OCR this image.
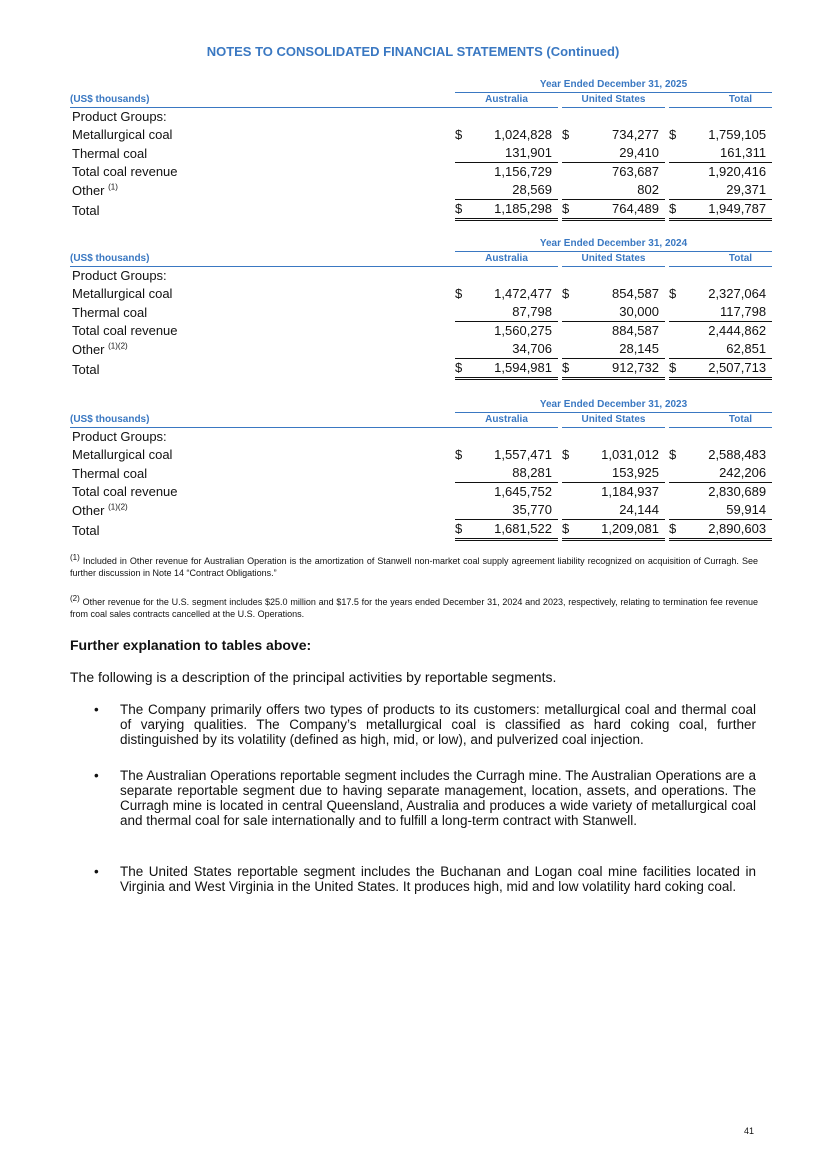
NOTES TO CONSOLIDATED FINANCIAL STATEMENTS (Continued)
	Year Ended December 31, 2025							
(US$ thousands)	Australia			United States			Total	
Product Groups:								
Metallurgical coal	$	1,024,828		$	734,277		$	1,759,105
Thermal coal		131,901			29,410			161,311
Total coal revenue		1,156,729			763,687			1,920,416
Other $^{(1)}$		28,569			802			29,371
Total	$	1,185,298		$	764,489		$	1,949,787
	Year Ended December 31, 2024							
(US$ thousands)	Australia			United States			Total	
Product Groups:								
Metallurgical coal	$	1,472,477		$	854,587		$	2,327,064
Thermal coal		87,798			30,000			117,798
Total coal revenue		1,560,275			884,587			2,444,862
Other $^{(1)(2)}$		34,706			28,145			62,851
Total	$	1,594,981		$	912,732		$	2,507,713
	Year Ended December 31, 2023							
(US$ thousands)	Australia			United States			Total	
Product Groups:								
Metallurgical coal	$	1,557,471		$	1,031,012		$	2,588,483
Thermal coal		88,281			153,925			242,206
Total coal revenue		1,645,752			1,184,937			2,830,689
Other $^{(1)(2)}$		35,770			24,144			59,914
Total	$	1,681,522		$	1,209,081		$	2,890,603
$^{(1)}$ Included in Other revenue for Australian Operation is the amortization of Stanwell non-market coal supply agreement liability recognized on acquisition of Curragh. See further discussion in Note 14 “Contract Obligations.”
$^{(2)}$ Other revenue for the U.S. segment includes $25.0 million and $17.5 for the years ended December 31, 2024 and 2023, respectively, relating to termination fee revenue from coal sales contracts cancelled at the U.S. Operations.
Further explanation to tables above:
The following is a description of the principal activities by reportable segments.
• The Company primarily offers two types of products to its customers: metallurgical coal and thermal coal of varying qualities. The Company’s metallurgical coal is classified as hard coking coal, further distinguished by its volatility (defined as high, mid, or low), and pulverized coal injection.
• The Australian Operations reportable segment includes the Curragh mine. The Australian Operations are a separate reportable segment due to having separate management, location, assets, and operations. The Curragh mine is located in central Queensland, Australia and produces a wide variety of metallurgical coal and thermal coal for sale internationally and to fulfill a long-term contract with Stanwell.
• The United States reportable segment includes the Buchanan and Logan coal mine facilities located in Virginia and West Virginia in the United States. It produces high, mid and low volatility hard coking coal.
41
